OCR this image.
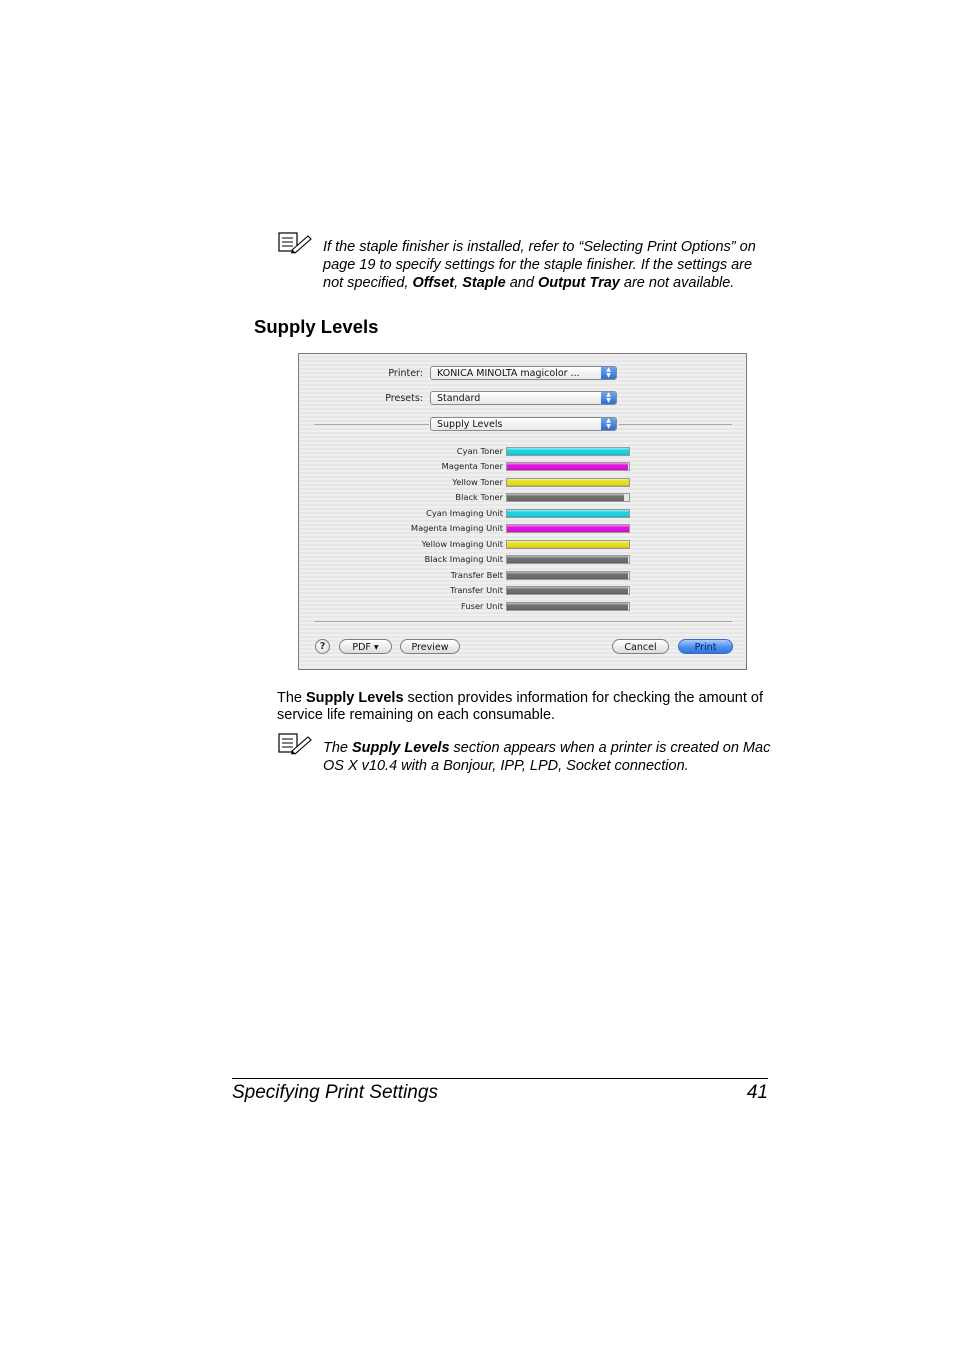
If the staple finisher is installed, refer to “Selecting Print Options” on page 19 to specify settings for the staple finisher. If the settings are not specified, Offset, Staple and Output Tray are not available.
Supply Levels
Printer:	KONICA MINOLTA magicolor ...	▲
▼
Presets:	Standard	▲
▼
Supply Levels	▲
▼
Cyan Toner
Magenta Toner
Yellow Toner
Black Toner
Cyan Imaging Unit
Magenta Imaging Unit
Yellow Imaging Unit
Black Imaging Unit
Transfer Belt
Transfer Unit
Fuser Unit
?	PDF ▾	Preview	Cancel	Print
The Supply Levels section provides information for checking the amount of service life remaining on each consumable.
The Supply Levels section appears when a printer is created on Mac OS X v10.4 with a Bonjour, IPP, LPD, Socket connection.
Specifying Print Settings	41
